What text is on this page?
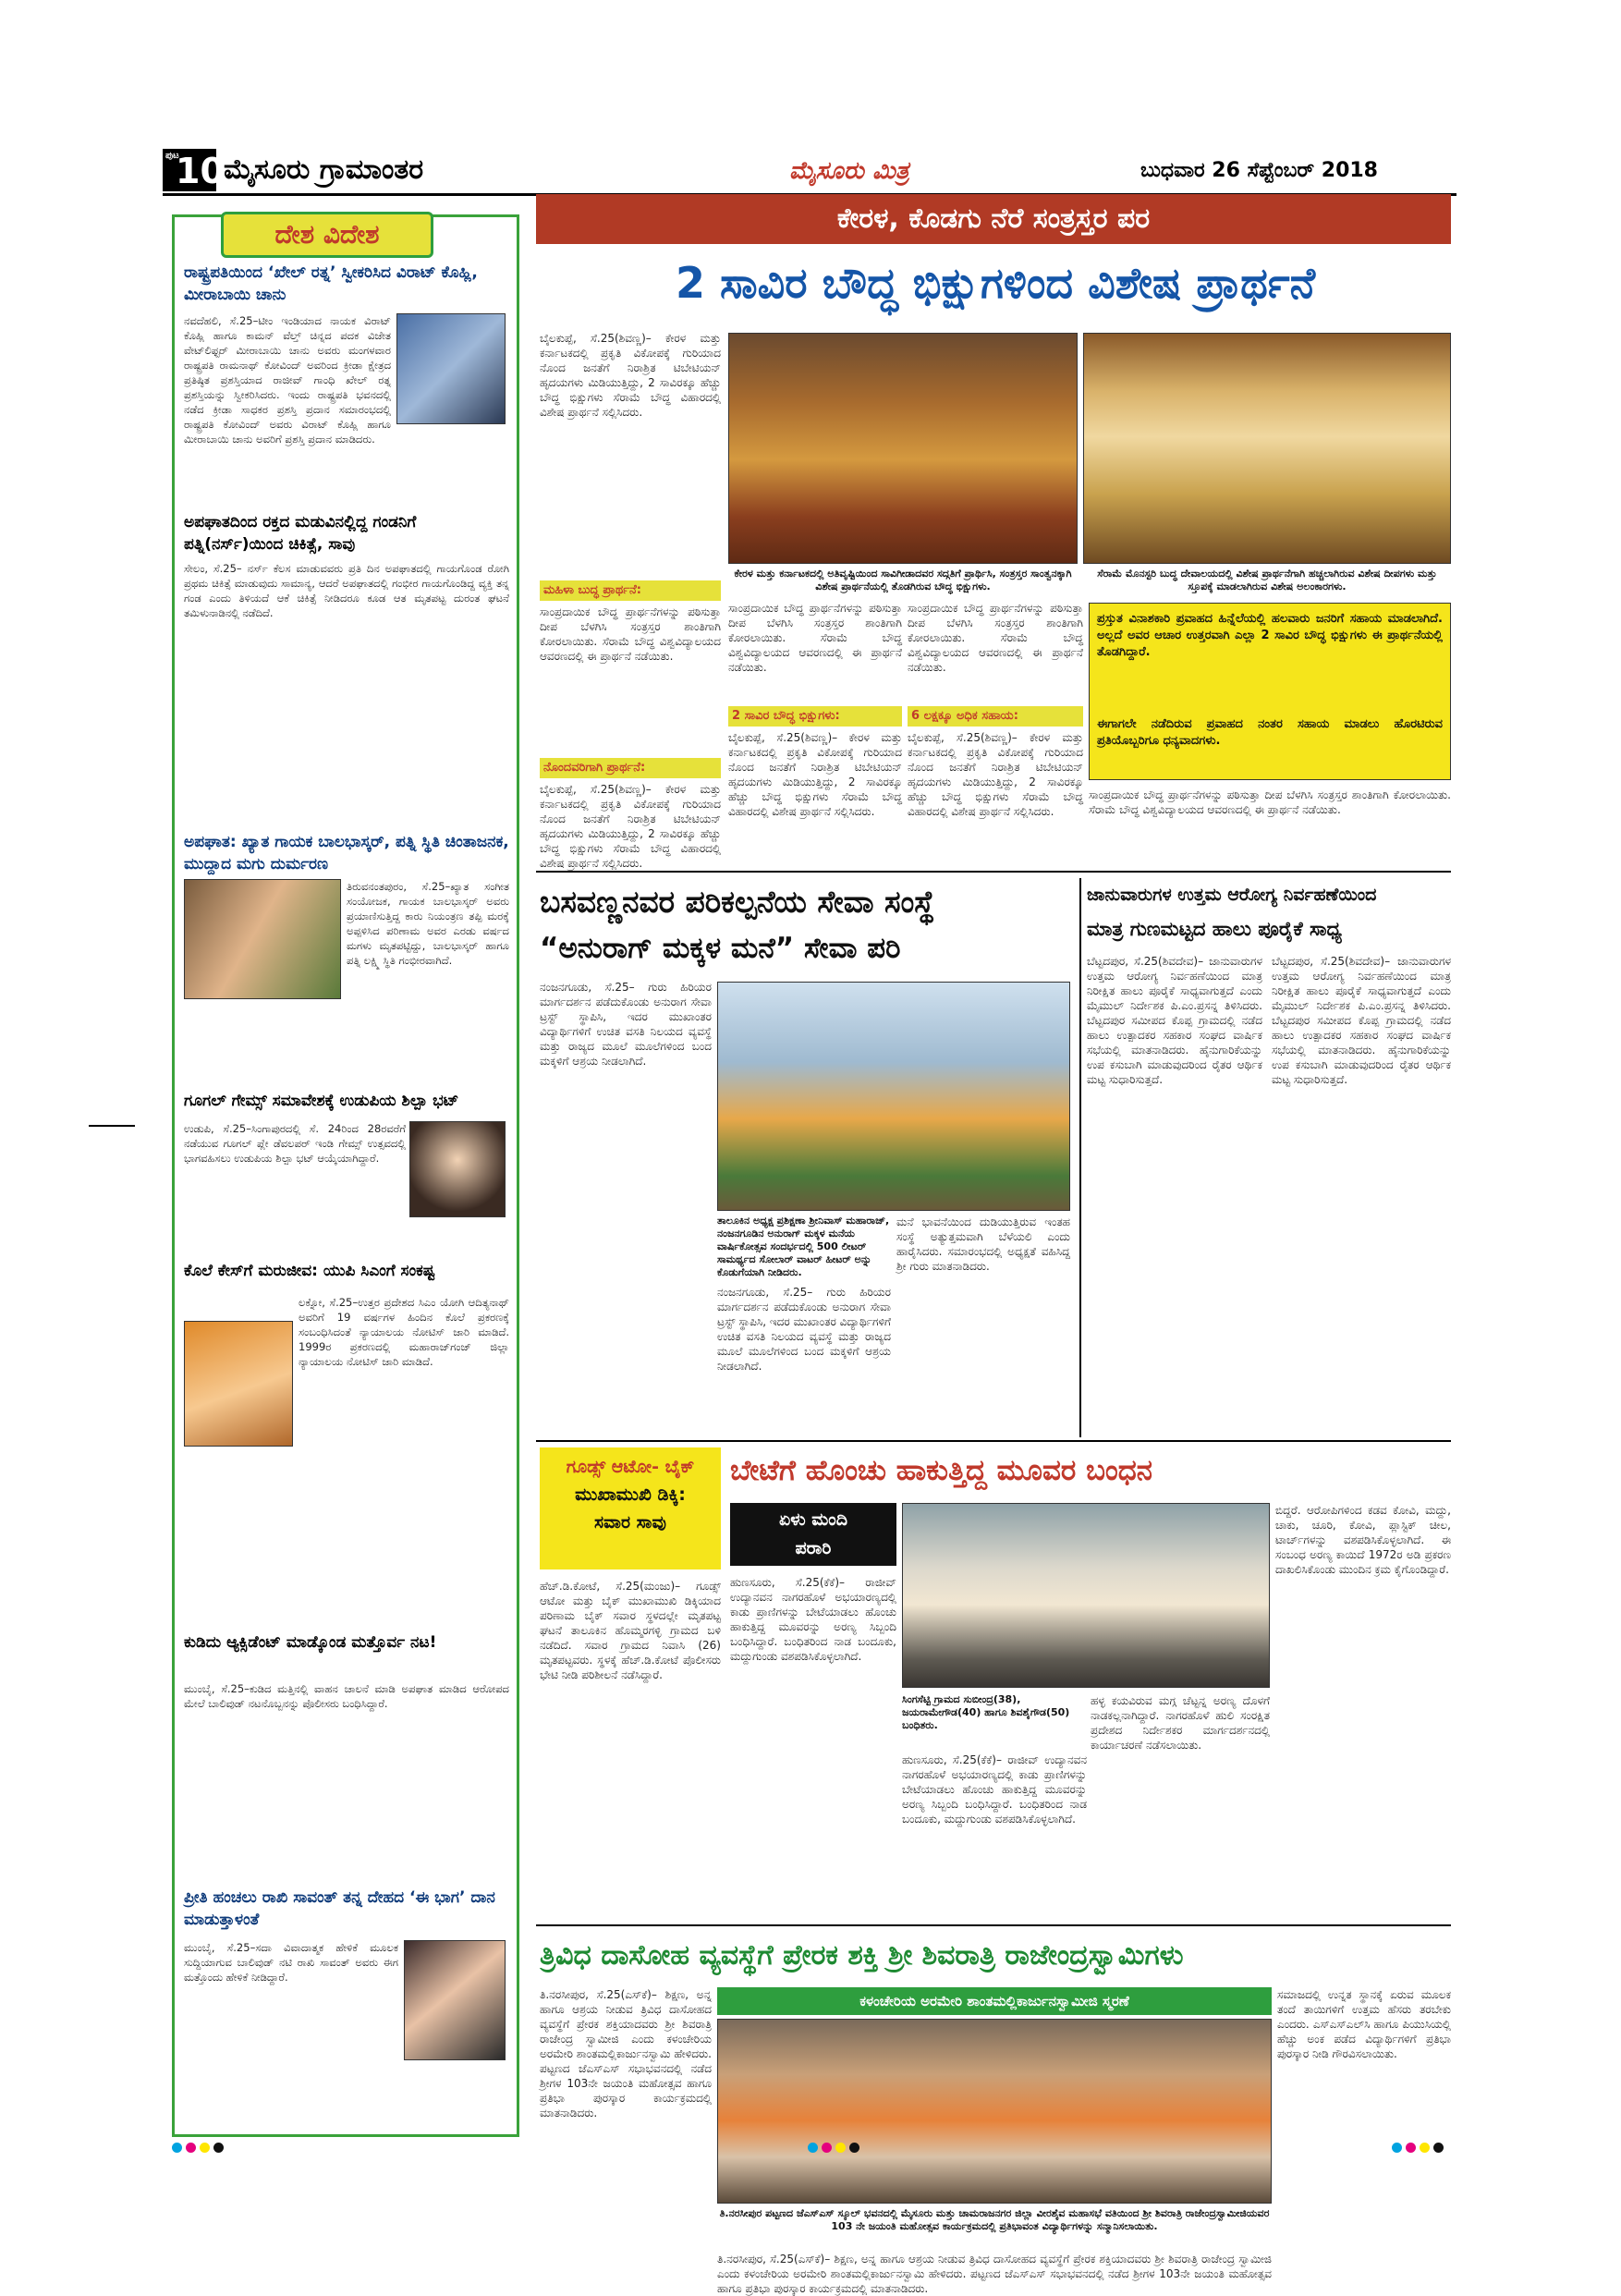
ಪುಟ
10 ಮೈಸೂರು ಗ್ರಾಮಾಂತರ	ಮೈಸೂರು ಮಿತ್ರ	ಬುಧವಾರ 26 ಸೆಪ್ಟೆಂಬರ್ 2018
ದೇಶ ವಿದೇಶ
ರಾಷ್ಟ್ರಪತಿಯಿಂದ ‘ಖೇಲ್ ರತ್ನ’ ಸ್ವೀಕರಿಸಿದ ವಿರಾಟ್ ಕೊಹ್ಲಿ, ಮೀರಾಬಾಯಿ ಚಾನು
ನವದೆಹಲಿ, ಸೆ.25–ಟೀಂ ಇಂಡಿಯಾದ ನಾಯಕ ವಿರಾಟ್ ಕೊಹ್ಲಿ ಹಾಗೂ ಕಾಮನ್ ವೆಲ್ತ್ ಚಿನ್ನದ ಪದಕ ವಿಜೇತ ವೇಟ್‌ಲಿಫ್ಟರ್ ಮೀರಾಬಾಯಿ ಚಾನು ಅವರು ಮಂಗಳವಾರ ರಾಷ್ಟ್ರಪತಿ ರಾಮನಾಥ್ ಕೋವಿಂದ್ ಅವರಿಂದ ಕ್ರೀಡಾ ಕ್ಷೇತ್ರದ ಪ್ರತಿಷ್ಠಿತ ಪ್ರಶಸ್ತಿಯಾದ ರಾಜೀವ್ ಗಾಂಧಿ ಖೇಲ್ ರತ್ನ ಪ್ರಶಸ್ತಿಯನ್ನು ಸ್ವೀಕರಿಸಿದರು. ಇಂದು ರಾಷ್ಟ್ರಪತಿ ಭವನದಲ್ಲಿ ನಡೆದ ಕ್ರೀಡಾ ಸಾಧಕರ ಪ್ರಶಸ್ತಿ ಪ್ರದಾನ ಸಮಾರಂಭದಲ್ಲಿ ರಾಷ್ಟ್ರಪತಿ ಕೋವಿಂದ್ ಅವರು ವಿರಾಟ್ ಕೊಹ್ಲಿ ಹಾಗೂ ಮೀರಾಬಾಯಿ ಚಾನು ಅವರಿಗೆ ಪ್ರಶಸ್ತಿ ಪ್ರದಾನ ಮಾಡಿದರು.
ಅಪಘಾತದಿಂದ ರಕ್ತದ ಮಡುವಿನಲ್ಲಿದ್ದ ಗಂಡನಿಗೆ ಪತ್ನಿ(ನರ್ಸ್)ಯಿಂದ ಚಿಕಿತ್ಸೆ, ಸಾವು
ಸೇಲಂ, ಸೆ.25– ನರ್ಸ್ ಕೆಲಸ ಮಾಡುವವರು ಪ್ರತಿ ದಿನ ಅಪಘಾತದಲ್ಲಿ ಗಾಯಗೊಂಡ ರೋಗಿ ಪ್ರಥಮ ಚಿಕಿತ್ಸೆ ಮಾಡುವುದು ಸಾಮಾನ್ಯ, ಆದರೆ ಅಪಘಾತದಲ್ಲಿ ಗಂಭೀರ ಗಾಯಗೊಂಡಿದ್ದ ವ್ಯಕ್ತಿ ತನ್ನ ಗಂಡ ಎಂದು ತಿಳಿಯದೆ ಆಕೆ ಚಿಕಿತ್ಸೆ ನೀಡಿದರೂ ಕೂಡ ಆತ ಮೃತಪಟ್ಟ ದುರಂತ ಘಟನೆ ತಮಿಳುನಾಡಿನಲ್ಲಿ ನಡೆದಿದೆ.
ಅಪಘಾತ: ಖ್ಯಾತ ಗಾಯಕ ಬಾಲಭಾಸ್ಕರ್, ಪತ್ನಿ ಸ್ಥಿತಿ ಚಿಂತಾಜನಕ, ಮುದ್ದಾದ ಮಗು ದುರ್ಮರಣ
ತಿರುವನಂತಪುರಂ, ಸೆ.25–ಖ್ಯಾತ ಸಂಗೀತ ಸಂಯೋಜಕ, ಗಾಯಕ ಬಾಲಭಾಸ್ಕರ್ ಅವರು ಪ್ರಯಾಣಿಸುತ್ತಿದ್ದ ಕಾರು ನಿಯಂತ್ರಣ ತಪ್ಪಿ ಮರಕ್ಕೆ ಅಪ್ಪಳಿಸಿದ ಪರಿಣಾಮ ಅವರ ಎರಡು ವರ್ಷದ ಮಗಳು ಮೃತಪಟ್ಟಿದ್ದು, ಬಾಲಭಾಸ್ಕರ್ ಹಾಗೂ ಪತ್ನಿ ಲಕ್ಷ್ಮಿ ಸ್ಥಿತಿ ಗಂಭೀರವಾಗಿದೆ.
ಗೂಗಲ್ ಗೇಮ್ಸ್ ಸಮಾವೇಶಕ್ಕೆ ಉಡುಪಿಯ ಶಿಲ್ಪಾ ಭಟ್
ಉಡುಪಿ, ಸೆ.25–ಸಿಂಗಾಪುರದಲ್ಲಿ ಸೆ. 24ರಿಂದ 28ರವರೆಗೆ ನಡೆಯುವ ಗೂಗಲ್ ಪ್ಲೇ ಡೆವಲಪರ್ ಇಂಡಿ ಗೇಮ್ಸ್ ಉತ್ಸವದಲ್ಲಿ ಭಾಗವಹಿಸಲು ಉಡುಪಿಯ ಶಿಲ್ಪಾ ಭಟ್ ಆಯ್ಕೆಯಾಗಿದ್ದಾರೆ.
ಕೊಲೆ ಕೇಸ್‌ಗೆ ಮರುಜೀವ: ಯುಪಿ ಸಿಎಂಗೆ ಸಂಕಷ್ಟ
ಲಕ್ನೋ, ಸೆ.25–ಉತ್ತರ ಪ್ರದೇಶದ ಸಿಎಂ ಯೋಗಿ ಆದಿತ್ಯನಾಥ್ ಅವರಿಗೆ 19 ವರ್ಷಗಳ ಹಿಂದಿನ ಕೊಲೆ ಪ್ರಕರಣಕ್ಕೆ ಸಂಬಂಧಿಸಿದಂತೆ ನ್ಯಾಯಾಲಯ ನೋಟಿಸ್ ಜಾರಿ ಮಾಡಿದೆ. 1999ರ ಪ್ರಕರಣದಲ್ಲಿ ಮಹಾರಾಜ್‌ಗಂಜ್ ಜಿಲ್ಲಾ ನ್ಯಾಯಾಲಯ ನೋಟಿಸ್ ಜಾರಿ ಮಾಡಿದೆ.
ಕುಡಿದು ಆ್ಯಕ್ಸಿಡೆಂಟ್ ಮಾಡ್ಕೊಂಡ ಮತ್ತೊರ್ವ ನಟ!
ಮುಂಬೈ, ಸೆ.25–ಕುಡಿದ ಮತ್ತಿನಲ್ಲಿ ವಾಹನ ಚಾಲನೆ ಮಾಡಿ ಅಪಘಾತ ಮಾಡಿದ ಆರೋಪದ ಮೇಲೆ ಬಾಲಿವುಡ್ ನಟನೊಬ್ಬನನ್ನು ಪೊಲೀಸರು ಬಂಧಿಸಿದ್ದಾರೆ.
ಪ್ರೀತಿ ಹಂಚಲು ರಾಖಿ ಸಾವಂತ್ ತನ್ನ ದೇಹದ ‘ಈ ಭಾಗ’ ದಾನ ಮಾಡುತ್ತಾಳಂತೆ
ಮುಂಬೈ, ಸೆ.25–ಸದಾ ವಿವಾದಾತ್ಮಕ ಹೇಳಿಕೆ ಮೂಲಕ ಸುದ್ದಿಯಾಗುವ ಬಾಲಿವುಡ್ ನಟಿ ರಾಖಿ ಸಾವಂತ್ ಅವರು ಈಗ ಮತ್ತೊಂದು ಹೇಳಿಕೆ ನೀಡಿದ್ದಾರೆ.
ಕೇರಳ, ಕೊಡಗು ನೆರೆ ಸಂತ್ರಸ್ತರ ಪರ
2 ಸಾವಿರ ಬೌದ್ಧ ಭಿಕ್ಷುಗಳಿಂದ ವಿಶೇಷ ಪ್ರಾರ್ಥನೆ
ಬೈಲಕುಪ್ಪೆ, ಸೆ.25(ಶಿವಣ್ಣ)– ಕೇರಳ ಮತ್ತು ಕರ್ನಾಟಕದಲ್ಲಿ ಪ್ರಕೃತಿ ವಿಕೋಪಕ್ಕೆ ಗುರಿಯಾದ ನೊಂದ ಜನತೆಗೆ ನಿರಾಶ್ರಿತ ಟಿಬೇಟಿಯನ್ ಹೃದಯಗಳು ಮಿಡಿಯುತ್ತಿದ್ದು, 2 ಸಾವಿರಕ್ಕೂ ಹೆಚ್ಚು ಬೌದ್ಧ ಭಿಕ್ಷುಗಳು ಸೆರಾಮೆ ಬೌದ್ಧ ವಿಹಾರದಲ್ಲಿ ವಿಶೇಷ ಪ್ರಾರ್ಥನೆ ಸಲ್ಲಿಸಿದರು.
ಕೇರಳ ಮತ್ತು ಕರ್ನಾಟಕದಲ್ಲಿ ಅತಿವೃಷ್ಟಿಯಿಂದ ಸಾವಿಗೀಡಾದವರ ಸದ್ಗತಿಗೆ ಪ್ರಾರ್ಥಿಸಿ, ಸಂತ್ರಸ್ತರ ಸಾಂತ್ವನಕ್ಕಾಗಿ ವಿಶೇಷ ಪ್ರಾರ್ಥನೆಯಲ್ಲಿ ತೊಡಗಿರುವ ಬೌದ್ಧ ಭಿಕ್ಷುಗಳು.
ಸೆರಾಮೆ ಮೊನಸ್ಟರಿ ಬುದ್ಧ ದೇವಾಲಯದಲ್ಲಿ ವಿಶೇಷ ಪ್ರಾರ್ಥನೆಗಾಗಿ ಹಚ್ಚಲಾಗಿರುವ ವಿಶೇಷ ದೀಪಗಳು ಮತ್ತು ಸ್ತೂಪಕ್ಕೆ ಮಾಡಲಾಗಿರುವ ವಿಶೇಷ ಅಲಂಕಾರಗಳು.
ಮಹಿಳಾ ಬುದ್ಧ ಪ್ರಾರ್ಥನೆ:
ಸಾಂಪ್ರದಾಯಿಕ ಬೌದ್ಧ ಪ್ರಾರ್ಥನೆಗಳನ್ನು ಪಠಿಸುತ್ತಾ ದೀಪ ಬೆಳಗಿಸಿ ಸಂತ್ರಸ್ತರ ಶಾಂತಿಗಾಗಿ ಕೋರಲಾಯಿತು. ಸೆರಾಮೆ ಬೌದ್ಧ ವಿಶ್ವವಿದ್ಯಾಲಯದ ಆವರಣದಲ್ಲಿ ಈ ಪ್ರಾರ್ಥನೆ ನಡೆಯಿತು.
ನೊಂದವರಿಗಾಗಿ ಪ್ರಾರ್ಥನೆ:
ಬೈಲಕುಪ್ಪೆ, ಸೆ.25(ಶಿವಣ್ಣ)– ಕೇರಳ ಮತ್ತು ಕರ್ನಾಟಕದಲ್ಲಿ ಪ್ರಕೃತಿ ವಿಕೋಪಕ್ಕೆ ಗುರಿಯಾದ ನೊಂದ ಜನತೆಗೆ ನಿರಾಶ್ರಿತ ಟಿಬೇಟಿಯನ್ ಹೃದಯಗಳು ಮಿಡಿಯುತ್ತಿದ್ದು, 2 ಸಾವಿರಕ್ಕೂ ಹೆಚ್ಚು ಬೌದ್ಧ ಭಿಕ್ಷುಗಳು ಸೆರಾಮೆ ಬೌದ್ಧ ವಿಹಾರದಲ್ಲಿ ವಿಶೇಷ ಪ್ರಾರ್ಥನೆ ಸಲ್ಲಿಸಿದರು.
ಸಾಂಪ್ರದಾಯಿಕ ಬೌದ್ಧ ಪ್ರಾರ್ಥನೆಗಳನ್ನು ಪಠಿಸುತ್ತಾ ದೀಪ ಬೆಳಗಿಸಿ ಸಂತ್ರಸ್ತರ ಶಾಂತಿಗಾಗಿ ಕೋರಲಾಯಿತು. ಸೆರಾಮೆ ಬೌದ್ಧ ವಿಶ್ವವಿದ್ಯಾಲಯದ ಆವರಣದಲ್ಲಿ ಈ ಪ್ರಾರ್ಥನೆ ನಡೆಯಿತು.
2 ಸಾವಿರ ಬೌದ್ಧ ಭಿಕ್ಷುಗಳು:
ಬೈಲಕುಪ್ಪೆ, ಸೆ.25(ಶಿವಣ್ಣ)– ಕೇರಳ ಮತ್ತು ಕರ್ನಾಟಕದಲ್ಲಿ ಪ್ರಕೃತಿ ವಿಕೋಪಕ್ಕೆ ಗುರಿಯಾದ ನೊಂದ ಜನತೆಗೆ ನಿರಾಶ್ರಿತ ಟಿಬೇಟಿಯನ್ ಹೃದಯಗಳು ಮಿಡಿಯುತ್ತಿದ್ದು, 2 ಸಾವಿರಕ್ಕೂ ಹೆಚ್ಚು ಬೌದ್ಧ ಭಿಕ್ಷುಗಳು ಸೆರಾಮೆ ಬೌದ್ಧ ವಿಹಾರದಲ್ಲಿ ವಿಶೇಷ ಪ್ರಾರ್ಥನೆ ಸಲ್ಲಿಸಿದರು.
6 ಲಕ್ಷಕ್ಕೂ ಅಧಿಕ ಸಹಾಯ:
ಸಾಂಪ್ರದಾಯಿಕ ಬೌದ್ಧ ಪ್ರಾರ್ಥನೆಗಳನ್ನು ಪಠಿಸುತ್ತಾ ದೀಪ ಬೆಳಗಿಸಿ ಸಂತ್ರಸ್ತರ ಶಾಂತಿಗಾಗಿ ಕೋರಲಾಯಿತು. ಸೆರಾಮೆ ಬೌದ್ಧ ವಿಶ್ವವಿದ್ಯಾಲಯದ ಆವರಣದಲ್ಲಿ ಈ ಪ್ರಾರ್ಥನೆ ನಡೆಯಿತು.
ಬೈಲಕುಪ್ಪೆ, ಸೆ.25(ಶಿವಣ್ಣ)– ಕೇರಳ ಮತ್ತು ಕರ್ನಾಟಕದಲ್ಲಿ ಪ್ರಕೃತಿ ವಿಕೋಪಕ್ಕೆ ಗುರಿಯಾದ ನೊಂದ ಜನತೆಗೆ ನಿರಾಶ್ರಿತ ಟಿಬೇಟಿಯನ್ ಹೃದಯಗಳು ಮಿಡಿಯುತ್ತಿದ್ದು, 2 ಸಾವಿರಕ್ಕೂ ಹೆಚ್ಚು ಬೌದ್ಧ ಭಿಕ್ಷುಗಳು ಸೆರಾಮೆ ಬೌದ್ಧ ವಿಹಾರದಲ್ಲಿ ವಿಶೇಷ ಪ್ರಾರ್ಥನೆ ಸಲ್ಲಿಸಿದರು.
ಪ್ರಸ್ತುತ ವಿನಾಶಕಾರಿ ಪ್ರವಾಹದ ಹಿನ್ನೆಲೆಯಲ್ಲಿ ಹಲವಾರು ಜನರಿಗೆ ಸಹಾಯ ಮಾಡಲಾಗಿದೆ. ಅಲ್ಲದೆ ಅವರ ಆಚಾರ ಉತ್ತರವಾಗಿ ಎಲ್ಲಾ 2 ಸಾವಿರ ಬೌದ್ಧ ಭಿಕ್ಷುಗಳು ಈ ಪ್ರಾರ್ಥನೆಯಲ್ಲಿ ತೊಡಗಿದ್ದಾರೆ.
ಈಗಾಗಲೇ ನಡೆದಿರುವ ಪ್ರವಾಹದ ನಂತರ ಸಹಾಯ ಮಾಡಲು ಹೊರಟಿರುವ ಪ್ರತಿಯೊಬ್ಬರಿಗೂ ಧನ್ಯವಾದಗಳು.
ಸಾಂಪ್ರದಾಯಿಕ ಬೌದ್ಧ ಪ್ರಾರ್ಥನೆಗಳನ್ನು ಪಠಿಸುತ್ತಾ ದೀಪ ಬೆಳಗಿಸಿ ಸಂತ್ರಸ್ತರ ಶಾಂತಿಗಾಗಿ ಕೋರಲಾಯಿತು. ಸೆರಾಮೆ ಬೌದ್ಧ ವಿಶ್ವವಿದ್ಯಾಲಯದ ಆವರಣದಲ್ಲಿ ಈ ಪ್ರಾರ್ಥನೆ ನಡೆಯಿತು.
ಬಸವಣ್ಣನವರ ಪರಿಕಲ್ಪನೆಯ ಸೇವಾ ಸಂಸ್ಥೆ
“ಅನುರಾಗ್ ಮಕ್ಕಳ ಮನೆ” ಸೇವಾ ಪರಿ
ನಂಜನಗೂಡು, ಸೆ.25– ಗುರು ಹಿರಿಯರ ಮಾರ್ಗದರ್ಶನ ಪಡೆದುಕೊಂಡು ಅನುರಾಗ ಸೇವಾ ಟ್ರಸ್ಟ್ ಸ್ಥಾಪಿಸಿ, ಇದರ ಮುಖಾಂತರ ವಿದ್ಯಾರ್ಥಿಗಳಿಗೆ ಉಚಿತ ವಸತಿ ನಿಲಯದ ವ್ಯವಸ್ಥೆ ಮತ್ತು ರಾಜ್ಯದ ಮೂಲೆ ಮೂಲೆಗಳಿಂದ ಬಂದ ಮಕ್ಕಳಿಗೆ ಆಶ್ರಯ ನೀಡಲಾಗಿದೆ.
ತಾಲೂಕಿನ ಅಧ್ಯಕ್ಷ ಪ್ರಶಿಕ್ಷಣಾ ಶ್ರೀನಿವಾಸ್ ಮಹಾರಾಜ್, ನಂಜನಗೂಡಿನ ಅನುರಾಗ್ ಮಕ್ಕಳ ಮನೆಯ ವಾರ್ಷಿಕೋತ್ಸವ ಸಂದರ್ಭದಲ್ಲಿ 500 ಲೀಟರ್ ಸಾಮರ್ಥ್ಯದ ಸೋಲಾರ್ ವಾಟರ್ ಹೀಟರ್ ಅನ್ನು ಕೊಡುಗೆಯಾಗಿ ನೀಡಿದರು.
ಮನೆ ಭಾವನೆಯಿಂದ ದುಡಿಯುತ್ತಿರುವ ಇಂತಹ ಸಂಸ್ಥೆ ಅತ್ಯುತ್ತಮವಾಗಿ ಬೆಳೆಯಲಿ ಎಂದು ಹಾರೈಸಿದರು. ಸಮಾರಂಭದಲ್ಲಿ ಅಧ್ಯಕ್ಷತೆ ವಹಿಸಿದ್ದ ಶ್ರೀ ಗುರು ಮಾತನಾಡಿದರು.
ನಂಜನಗೂಡು, ಸೆ.25– ಗುರು ಹಿರಿಯರ ಮಾರ್ಗದರ್ಶನ ಪಡೆದುಕೊಂಡು ಅನುರಾಗ ಸೇವಾ ಟ್ರಸ್ಟ್ ಸ್ಥಾಪಿಸಿ, ಇದರ ಮುಖಾಂತರ ವಿದ್ಯಾರ್ಥಿಗಳಿಗೆ ಉಚಿತ ವಸತಿ ನಿಲಯದ ವ್ಯವಸ್ಥೆ ಮತ್ತು ರಾಜ್ಯದ ಮೂಲೆ ಮೂಲೆಗಳಿಂದ ಬಂದ ಮಕ್ಕಳಿಗೆ ಆಶ್ರಯ ನೀಡಲಾಗಿದೆ.
ಜಾನುವಾರುಗಳ ಉತ್ತಮ ಆರೋಗ್ಯ ನಿರ್ವಹಣೆಯಿಂದ
ಮಾತ್ರ ಗುಣಮಟ್ಟದ ಹಾಲು ಪೂರೈಕೆ ಸಾಧ್ಯ
ಬೆಟ್ಟದಪುರ, ಸೆ.25(ಶಿವದೇವ)– ಜಾನುವಾರುಗಳ ಉತ್ತಮ ಆರೋಗ್ಯ ನಿರ್ವಹಣೆಯಿಂದ ಮಾತ್ರ ನಿರೀಕ್ಷಿತ ಹಾಲು ಪೂರೈಕೆ ಸಾಧ್ಯವಾಗುತ್ತದೆ ಎಂದು ಮೈಮುಲ್ ನಿರ್ದೇಶಕ ಪಿ.ಎಂ.ಪ್ರಸನ್ನ ತಿಳಿಸಿದರು. ಬೆಟ್ಟದಪುರ ಸಮೀಪದ ಕೊಪ್ಪ ಗ್ರಾಮದಲ್ಲಿ ನಡೆದ ಹಾಲು ಉತ್ಪಾದಕರ ಸಹಕಾರ ಸಂಘದ ವಾರ್ಷಿಕ ಸಭೆಯಲ್ಲಿ ಮಾತನಾಡಿದರು. ಹೈನುಗಾರಿಕೆಯನ್ನು ಉಪ ಕಸುಬಾಗಿ ಮಾಡುವುದರಿಂದ ರೈತರ ಆರ್ಥಿಕ ಮಟ್ಟ ಸುಧಾರಿಸುತ್ತದೆ.
ಬೆಟ್ಟದಪುರ, ಸೆ.25(ಶಿವದೇವ)– ಜಾನುವಾರುಗಳ ಉತ್ತಮ ಆರೋಗ್ಯ ನಿರ್ವಹಣೆಯಿಂದ ಮಾತ್ರ ನಿರೀಕ್ಷಿತ ಹಾಲು ಪೂರೈಕೆ ಸಾಧ್ಯವಾಗುತ್ತದೆ ಎಂದು ಮೈಮುಲ್ ನಿರ್ದೇಶಕ ಪಿ.ಎಂ.ಪ್ರಸನ್ನ ತಿಳಿಸಿದರು. ಬೆಟ್ಟದಪುರ ಸಮೀಪದ ಕೊಪ್ಪ ಗ್ರಾಮದಲ್ಲಿ ನಡೆದ ಹಾಲು ಉತ್ಪಾದಕರ ಸಹಕಾರ ಸಂಘದ ವಾರ್ಷಿಕ ಸಭೆಯಲ್ಲಿ ಮಾತನಾಡಿದರು. ಹೈನುಗಾರಿಕೆಯನ್ನು ಉಪ ಕಸುಬಾಗಿ ಮಾಡುವುದರಿಂದ ರೈತರ ಆರ್ಥಿಕ ಮಟ್ಟ ಸುಧಾರಿಸುತ್ತದೆ.
ಗೂಡ್ಸ್ ಆಟೋ- ಬೈಕ್
ಮುಖಾಮುಖಿ ಡಿಕ್ಕಿ:
ಸವಾರ ಸಾವು
ಹೆಚ್.ಡಿ.ಕೋಟೆ, ಸೆ.25(ಮಂಜು)– ಗೂಡ್ಸ್ ಆಟೋ ಮತ್ತು ಬೈಕ್ ಮುಖಾಮುಖಿ ಡಿಕ್ಕಿಯಾದ ಪರಿಣಾಮ ಬೈಕ್ ಸವಾರ ಸ್ಥಳದಲ್ಲೇ ಮೃತಪಟ್ಟ ಘಟನೆ ತಾಲೂಕಿನ ಹೊಮ್ಮರಗಳ್ಳಿ ಗ್ರಾಮದ ಬಳಿ ನಡೆದಿದೆ. ಸವಾರ ಗ್ರಾಮದ ನಿವಾಸಿ (26) ಮೃತಪಟ್ಟವರು. ಸ್ಥಳಕ್ಕೆ ಹೆಚ್.ಡಿ.ಕೋಟೆ ಪೊಲೀಸರು ಭೇಟಿ ನೀಡಿ ಪರಿಶೀಲನೆ ನಡೆಸಿದ್ದಾರೆ.
ಬೇಟೆಗೆ ಹೊಂಚು ಹಾಕುತ್ತಿದ್ದ ಮೂವರ ಬಂಧನ
ಏಳು ಮಂದಿ
ಪರಾರಿ
ಹುಣಸೂರು, ಸೆ.25(ಕೆಕೆ)– ರಾಜೀವ್ ಉದ್ಯಾನವನ ನಾಗರಹೊಳೆ ಅಭಯಾರಣ್ಯದಲ್ಲಿ ಕಾಡು ಪ್ರಾಣಿಗಳನ್ನು ಬೇಟೆಯಾಡಲು ಹೊಂಚು ಹಾಕುತ್ತಿದ್ದ ಮೂವರನ್ನು ಅರಣ್ಯ ಸಿಬ್ಬಂದಿ ಬಂಧಿಸಿದ್ದಾರೆ. ಬಂಧಿತರಿಂದ ನಾಡ ಬಂದೂಕು, ಮದ್ದುಗುಂಡು ವಶಪಡಿಸಿಕೊಳ್ಳಲಾಗಿದೆ.
ಸಿಂಗಸೆಟ್ಟಿ ಗ್ರಾಮದ ಸುಬೀಂದ್ರ(38), ಜಯರಾಮೇಗೌಡ(40) ಹಾಗೂ ಶಿವಶೈಗೌಡ(50) ಬಂಧಿತರು.
ಹಳ್ಳ ಕಯವಿರುವ ಮಗ್ಗ ಚೆಟ್ಟನ್ನ ಅರಣ್ಯ ದೊಳಗೆ ನಾಡಕಲ್ಲನಾಗಿದ್ದಾರೆ. ನಾಗರಹೊಳೆ ಹುಲಿ ಸಂರಕ್ಷಿತ ಪ್ರದೇಶದ ನಿರ್ದೇಶಕರ ಮಾರ್ಗದರ್ಶನದಲ್ಲಿ ಕಾರ್ಯಾಚರಣೆ ನಡೆಸಲಾಯಿತು.
ಹುಣಸೂರು, ಸೆ.25(ಕೆಕೆ)– ರಾಜೀವ್ ಉದ್ಯಾನವನ ನಾಗರಹೊಳೆ ಅಭಯಾರಣ್ಯದಲ್ಲಿ ಕಾಡು ಪ್ರಾಣಿಗಳನ್ನು ಬೇಟೆಯಾಡಲು ಹೊಂಚು ಹಾಕುತ್ತಿದ್ದ ಮೂವರನ್ನು ಅರಣ್ಯ ಸಿಬ್ಬಂದಿ ಬಂಧಿಸಿದ್ದಾರೆ. ಬಂಧಿತರಿಂದ ನಾಡ ಬಂದೂಕು, ಮದ್ದುಗುಂಡು ವಶಪಡಿಸಿಕೊಳ್ಳಲಾಗಿದೆ.
ಬಿದ್ದರೆ. ಆರೋಪಿಗಳಿಂದ ಕಡವ ಕೋವಿ, ಮದ್ದು, ಚಾಕು, ಚೂರಿ, ಕೋವಿ, ಪ್ಲಾಸ್ಟಿಕ್ ಚೀಲ, ಟಾರ್ಚ್‌ಗಳನ್ನು ವಶಪಡಿಸಿಕೊಳ್ಳಲಾಗಿದೆ. ಈ ಸಂಬಂಧ ಅರಣ್ಯ ಕಾಯಿದೆ 1972ರ ಅಡಿ ಪ್ರಕರಣ ದಾಖಲಿಸಿಕೊಂಡು ಮುಂದಿನ ಕ್ರಮ ಕೈಗೊಂಡಿದ್ದಾರೆ.
ತ್ರಿವಿಧ ದಾಸೋಹ ವ್ಯವಸ್ಥೆಗೆ ಪ್ರೇರಕ ಶಕ್ತಿ ಶ್ರೀ ಶಿವರಾತ್ರಿ ರಾಜೇಂದ್ರಸ್ವಾಮಿಗಳು
ತಿ.ನರಸೀಪುರ, ಸೆ.25(ಎಸ್‌ಕೆ)– ಶಿಕ್ಷಣ, ಅನ್ನ ಹಾಗೂ ಆಶ್ರಯ ನೀಡುವ ತ್ರಿವಿಧ ದಾಸೋಹದ ವ್ಯವಸ್ಥೆಗೆ ಪ್ರೇರಕ ಶಕ್ತಿಯಾದವರು ಶ್ರೀ ಶಿವರಾತ್ರಿ ರಾಜೇಂದ್ರ ಸ್ವಾಮೀಜಿ ಎಂದು ಕಳಂಚೇರಿಯ ಅರಮೇರಿ ಶಾಂತಮಲ್ಲಿಕಾರ್ಜುನಸ್ವಾಮಿ ಹೇಳಿದರು. ಪಟ್ಟಣದ ಜೆಎಸ್‌ಎಸ್ ಸಭಾಭವನದಲ್ಲಿ ನಡೆದ ಶ್ರೀಗಳ 103ನೇ ಜಯಂತಿ ಮಹೋತ್ಸವ ಹಾಗೂ ಪ್ರತಿಭಾ ಪುರಸ್ಕಾರ ಕಾರ್ಯಕ್ರಮದಲ್ಲಿ ಮಾತನಾಡಿದರು.
ಕಳಂಚೇರಿಯ ಅರಮೇರಿ ಶಾಂತಮಲ್ಲಿಕಾರ್ಜುನಸ್ವಾಮೀಜಿ ಸ್ಮರಣೆ
ತಿ.ನರಸೀಪುರ ಪಟ್ಟಣದ ಜೆಎಸ್‌ಎಸ್ ಸ್ಕೂಲ್ ಭವನದಲ್ಲಿ ಮೈಸೂರು ಮತ್ತು ಚಾಮರಾಜನಗರ ಜಿಲ್ಲಾ ವೀರಶೈವ ಮಹಾಸಭೆ ವತಿಯಿಂದ ಶ್ರೀ ಶಿವರಾತ್ರಿ ರಾಜೇಂದ್ರಸ್ವಾಮೀಜಿಯವರ 103 ನೇ ಜಯಂತಿ ಮಹೋತ್ಸವ ಕಾರ್ಯಕ್ರಮದಲ್ಲಿ ಪ್ರತಿಭಾವಂತ ವಿದ್ಯಾರ್ಥಿಗಳನ್ನು ಸನ್ಮಾನಿಸಲಾಯಿತು.
ತಿ.ನರಸೀಪುರ, ಸೆ.25(ಎಸ್‌ಕೆ)– ಶಿಕ್ಷಣ, ಅನ್ನ ಹಾಗೂ ಆಶ್ರಯ ನೀಡುವ ತ್ರಿವಿಧ ದಾಸೋಹದ ವ್ಯವಸ್ಥೆಗೆ ಪ್ರೇರಕ ಶಕ್ತಿಯಾದವರು ಶ್ರೀ ಶಿವರಾತ್ರಿ ರಾಜೇಂದ್ರ ಸ್ವಾಮೀಜಿ ಎಂದು ಕಳಂಚೇರಿಯ ಅರಮೇರಿ ಶಾಂತಮಲ್ಲಿಕಾರ್ಜುನಸ್ವಾಮಿ ಹೇಳಿದರು. ಪಟ್ಟಣದ ಜೆಎಸ್‌ಎಸ್ ಸಭಾಭವನದಲ್ಲಿ ನಡೆದ ಶ್ರೀಗಳ 103ನೇ ಜಯಂತಿ ಮಹೋತ್ಸವ ಹಾಗೂ ಪ್ರತಿಭಾ ಪುರಸ್ಕಾರ ಕಾರ್ಯಕ್ರಮದಲ್ಲಿ ಮಾತನಾಡಿದರು.
ಸಮಾಜದಲ್ಲಿ ಉನ್ನತ ಸ್ಥಾನಕ್ಕೆ ಏರುವ ಮೂಲಕ ತಂದೆ ತಾಯಿಗಳಿಗೆ ಉತ್ತಮ ಹೆಸರು ತರಬೇಕು ಎಂದರು. ಎಸ್ಎಸ್ಎಲ್‌ಸಿ ಹಾಗೂ ಪಿಯುಸಿಯಲ್ಲಿ ಹೆಚ್ಚು ಅಂಕ ಪಡೆದ ವಿದ್ಯಾರ್ಥಿಗಳಿಗೆ ಪ್ರತಿಭಾ ಪುರಸ್ಕಾರ ನೀಡಿ ಗೌರವಿಸಲಾಯಿತು.
